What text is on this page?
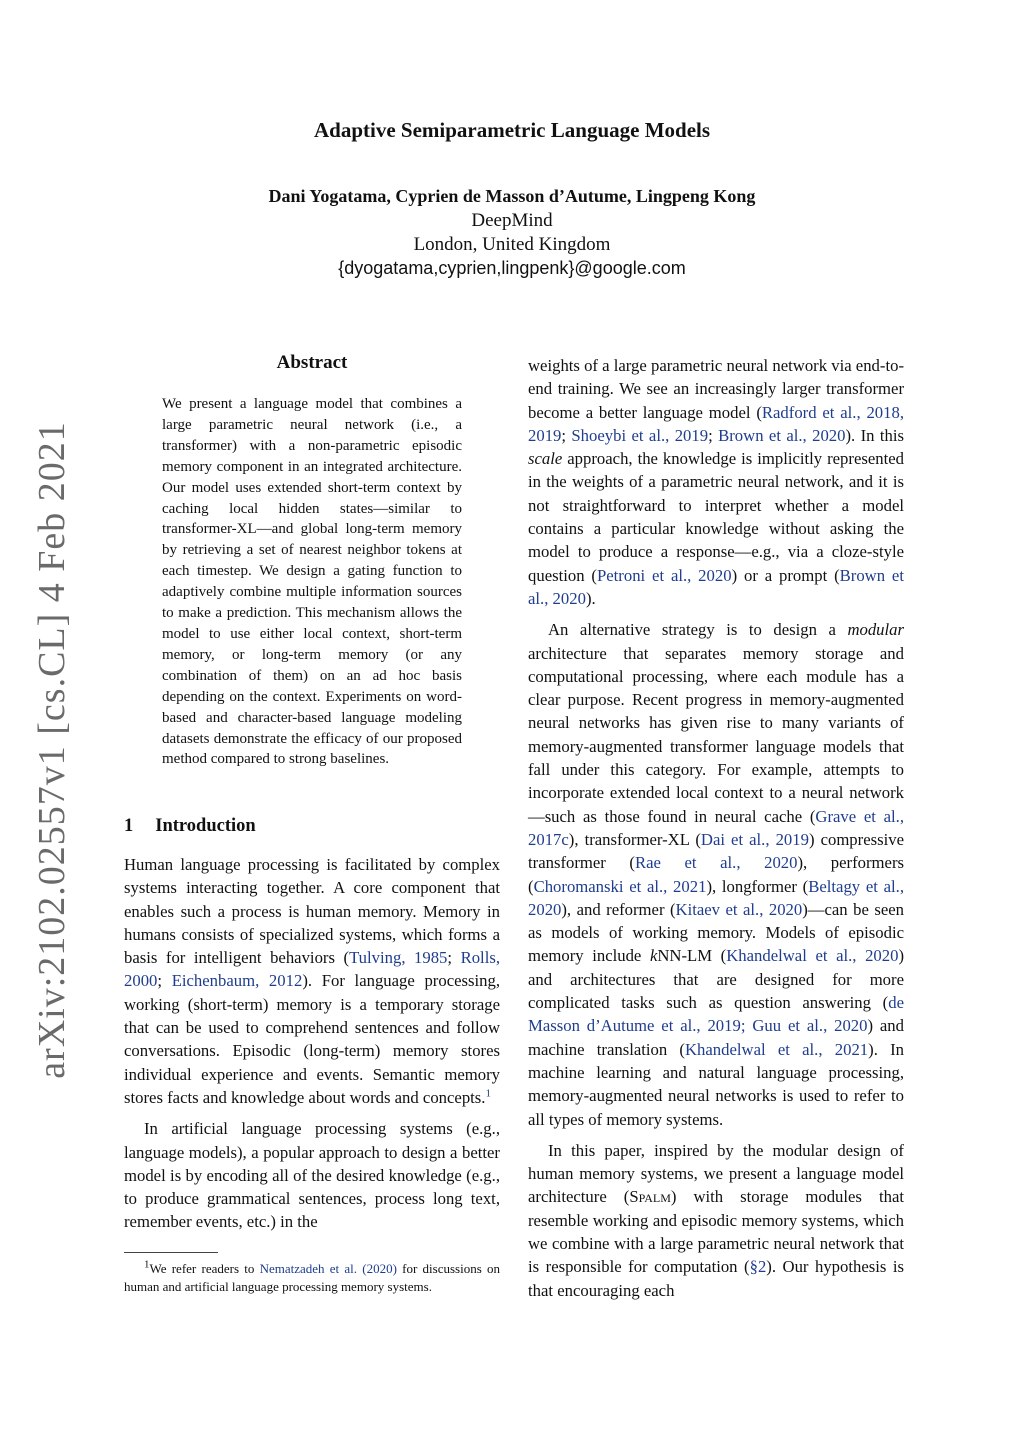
Adaptive Semiparametric Language Models

Dani Yogatama, Cyprien de Masson d’Autume, Lingpeng Kong

DeepMind

London, United Kingdom

{dyogatama,cyprien,lingpenk}@google.com

arXiv:2102.02557v1 [cs.CL] 4 Feb 2021
Abstract

We present a language model that combines a large parametric neural network (i.e., a transformer) with a non-parametric episodic memory component in an integrated architecture. Our model uses extended short-term context by caching local hidden states—similar to transformer-XL—and global long-term memory by retrieving a set of nearest neighbor tokens at each timestep. We design a gating function to adaptively combine multiple information sources to make a prediction. This mechanism allows the model to use either local context, short-term memory, or long-term memory (or any combination of them) on an ad hoc basis depending on the context. Experiments on word-based and character-based language modeling datasets demonstrate the efficacy of our proposed method compared to strong baselines.

1 Introduction

Human language processing is facilitated by complex systems interacting together. A core component that enables such a process is human memory. Memory in humans consists of specialized systems, which forms a basis for intelligent behaviors (Tulving, 1985; Rolls, 2000; Eichenbaum, 2012). For language processing, working (short-term) memory is a temporary storage that can be used to comprehend sentences and follow conversations. Episodic (long-term) memory stores individual experience and events. Semantic memory stores facts and knowledge about words and concepts.$^1$

In artificial language processing systems (e.g., language models), a popular approach to design a better model is by encoding all of the desired knowledge (e.g., to produce grammatical sentences, process long text, remember events, etc.) in the

$^1$We refer readers to Nematzadeh et al. (2020) for discussions on human and artificial language processing memory systems.

weights of a large parametric neural network via end-to-end training. We see an increasingly larger transformer become a better language model (Radford et al., 2018, 2019; Shoeybi et al., 2019; Brown et al., 2020). In this scale approach, the knowledge is implicitly represented in the weights of a parametric neural network, and it is not straightforward to interpret whether a model contains a particular knowledge without asking the model to produce a response—e.g., via a cloze-style question (Petroni et al., 2020) or a prompt (Brown et al., 2020).

An alternative strategy is to design a modular architecture that separates memory storage and computational processing, where each module has a clear purpose. Recent progress in memory-augmented neural networks has given rise to many variants of memory-augmented transformer language models that fall under this category. For example, attempts to incorporate extended local context to a neural network—such as those found in neural cache (Grave et al., 2017c), transformer-XL (Dai et al., 2019) compressive transformer (Rae et al., 2020), performers (Choromanski et al., 2021), longformer (Beltagy et al., 2020), and reformer (Kitaev et al., 2020)—can be seen as models of working memory. Models of episodic memory include kNN-LM (Khandelwal et al., 2020) and architectures that are designed for more complicated tasks such as question answering (de Masson d’Autume et al., 2019; Guu et al., 2020) and machine translation (Khandelwal et al., 2021). In machine learning and natural language processing, memory-augmented neural networks is used to refer to all types of memory systems.

In this paper, inspired by the modular design of human memory systems, we present a language model architecture (Spalm) with storage modules that resemble working and episodic memory systems, which we combine with a large parametric neural network that is responsible for computation (§2). Our hypothesis is that encouraging each
